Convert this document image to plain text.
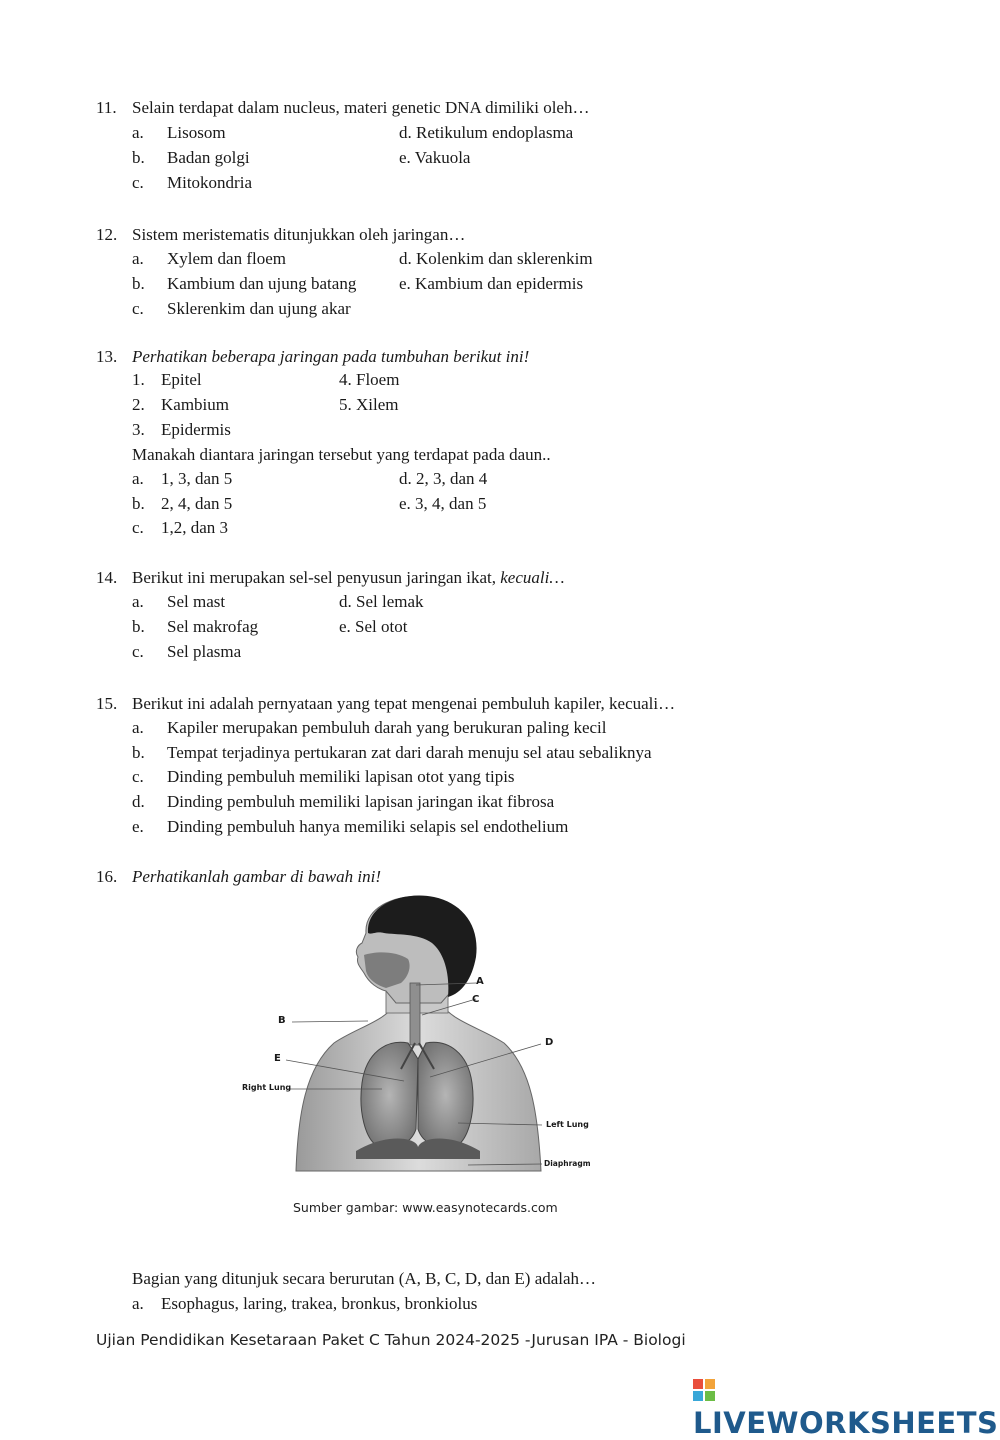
11. Selain terdapat dalam nucleus, materi genetic DNA dimiliki oleh…
a. Lisosom
b. Badan golgi
c. Mitokondria
d. Retikulum endoplasma
e. Vakuola
12. Sistem meristematis ditunjukkan oleh jaringan…
a. Xylem dan floem
b. Kambium dan ujung batang
c. Sklerenkim dan ujung akar
d. Kolenkim dan sklerenkim
e. Kambium dan epidermis
13. Perhatikan beberapa jaringan pada tumbuhan berikut ini!
1. Epitel
2. Kambium
3. Epidermis
4. Floem
5. Xilem
Manakah diantara jaringan tersebut yang terdapat pada daun..
a. 1, 3, dan 5
b. 2, 4, dan 5
c. 1,2, dan 3
d. 2, 3, dan 4
e. 3, 4, dan 5
14. Berikut ini merupakan sel-sel penyusun jaringan ikat, kecuali…
a. Sel mast
b. Sel makrofag
c. Sel plasma
d. Sel lemak
e. Sel otot
15. Berikut ini adalah pernyataan yang tepat mengenai pembuluh kapiler, kecuali…
a. Kapiler merupakan pembuluh darah yang berukuran paling kecil
b. Tempat terjadinya pertukaran zat dari darah menuju sel atau sebaliknya
c. Dinding pembuluh memiliki lapisan otot yang tipis
d. Dinding pembuluh memiliki lapisan jaringan ikat fibrosa
e. Dinding pembuluh hanya memiliki selapis sel endothelium
16. Perhatikanlah gambar di bawah ini!
A
B
C
D
E
Right Lung
Left Lung
Diaphragm
Sumber gambar: www.easynotecards.com
Bagian yang ditunjuk secara berurutan (A, B, C, D, dan E) adalah…
a. Esophagus, laring, trakea, bronkus, bronkiolus
Ujian Pendidikan Kesetaraan Paket C Tahun 2024-2025 -Jurusan IPA - Biologi
LIVEWORKSHEETS
